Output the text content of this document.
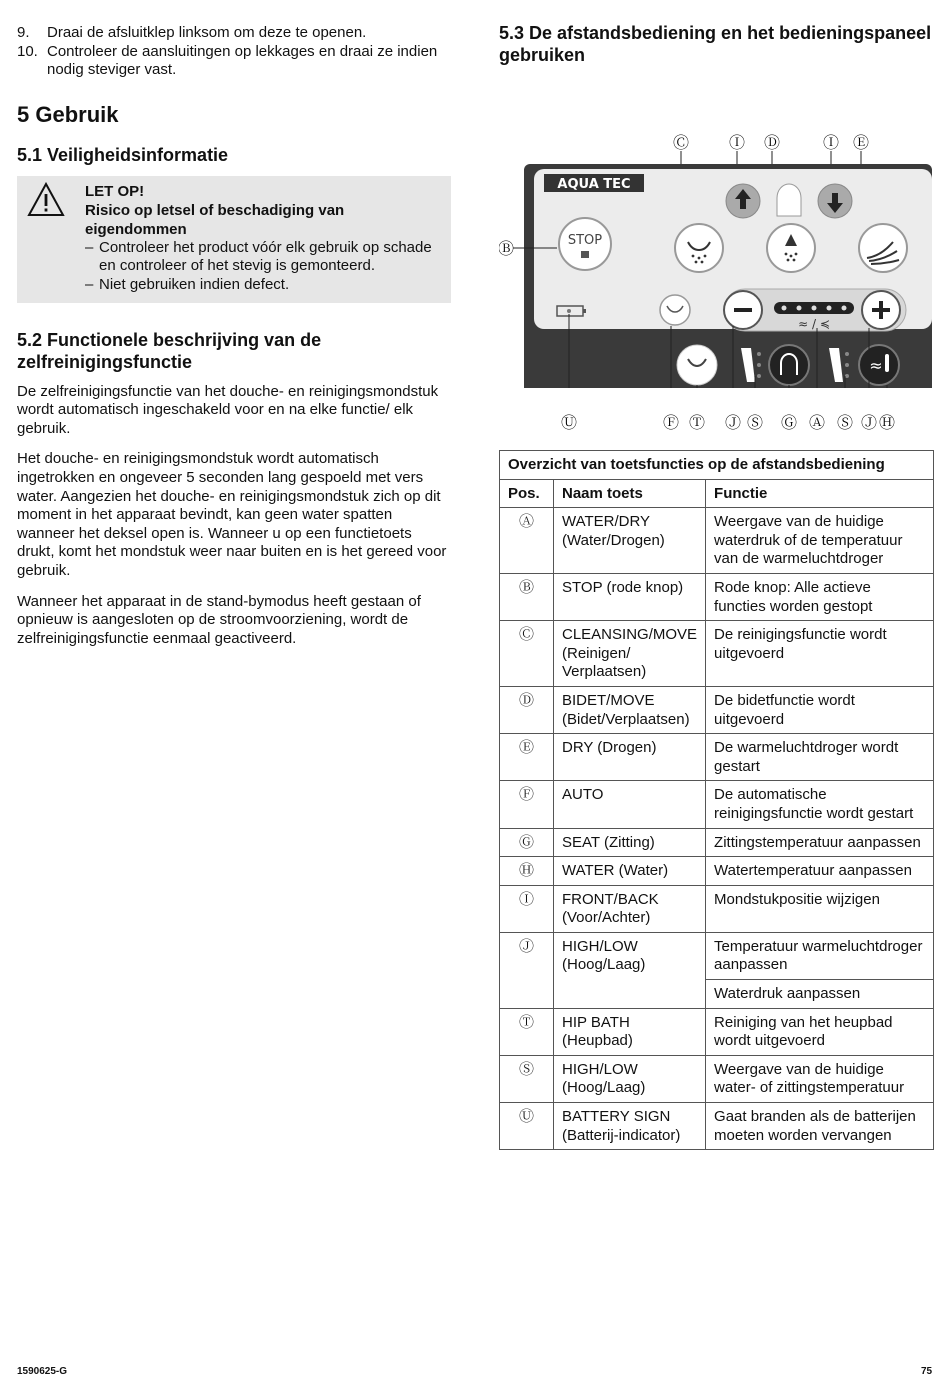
9.	Draai de afsluitklep linksom om deze te openen.
10. Controleer de aansluitingen op lekkages en draai ze indien nodig steviger vast.
5 Gebruik
5.1 Veiligheidsinformatie
LET OP!
Risico op letsel of beschadiging van eigendommen
– Controleer het product vóór elk gebruik op schade en controleer of het stevig is gemonteerd.
– Niet gebruiken indien defect.
5.2 Functionele beschrijving van de zelfreinigingsfunctie

De zelfreinigingsfunctie van het douche- en reinigingsmondstuk wordt automatisch ingeschakeld voor en na elke functie/ elk gebruik.

Het douche- en reinigingsmondstuk wordt automatisch ingetrokken en ongeveer 5 seconden lang gespoeld met vers water. Aangezien het douche- en reinigingsmondstuk zich op dit moment in het apparaat bevindt, kan geen water spatten wanneer het deksel open is. Wanneer u op een functietoets drukt, komt het mondstuk weer naar buiten en is het gereed voor gebruik.

Wanneer het apparaat in de stand-bymodus heeft gestaan of opnieuw is aangesloten op de stroomvoorziening, wordt de zelfreinigingsfunctie eenmaal geactiveerd.

5.3 De afstandsbediening en het bedieningspaneel gebruiken
Ⓒ Ⓘ Ⓓ	Ⓘ Ⓔ
AQUA TEC
Ⓑ	STOP
≈ / ≼
≈
Ⓤ	Ⓕ Ⓣ Ⓙ Ⓢ Ⓖ Ⓐ Ⓢ Ⓙ Ⓗ
Overzicht van toetsfuncties op de afstandsbediening		
Pos.	Naam toets	Functie
Ⓐ	WATER/DRY (Water/Drogen)	Weergave van de huidige waterdruk of de temperatuur van de warmeluchtdroger
Ⓑ	STOP (rode knop)	Rode knop: Alle actieve functies worden gestopt
Ⓒ	CLEANSING/MOVE (Reinigen/ Verplaatsen)	De reinigingsfunctie wordt uitgevoerd
Ⓓ	BIDET/MOVE (Bidet/Verplaatsen)	De bidetfunctie wordt uitgevoerd
Ⓔ	DRY (Drogen)	De warmeluchtdroger wordt gestart
Ⓕ	AUTO	De automatische reinigingsfunctie wordt gestart
Ⓖ	SEAT (Zitting)	Zittingstemperatuur aanpassen
Ⓗ	WATER (Water)	Watertemperatuur aanpassen
Ⓘ	FRONT/BACK (Voor/Achter)	Mondstukpositie wijzigen
Ⓙ	HIGH/LOW (Hoog/Laag)	Temperatuur warmeluchtdroger aanpassen
		Waterdruk aanpassen
Ⓣ	HIP BATH (Heupbad)	Reiniging van het heupbad wordt uitgevoerd
Ⓢ	HIGH/LOW (Hoog/Laag)	Weergave van de huidige water- of zittingstemperatuur
Ⓤ	BATTERY SIGN (Batterij-indicator)	Gaat branden als de batterijen moeten worden vervangen
1590625-G	75
